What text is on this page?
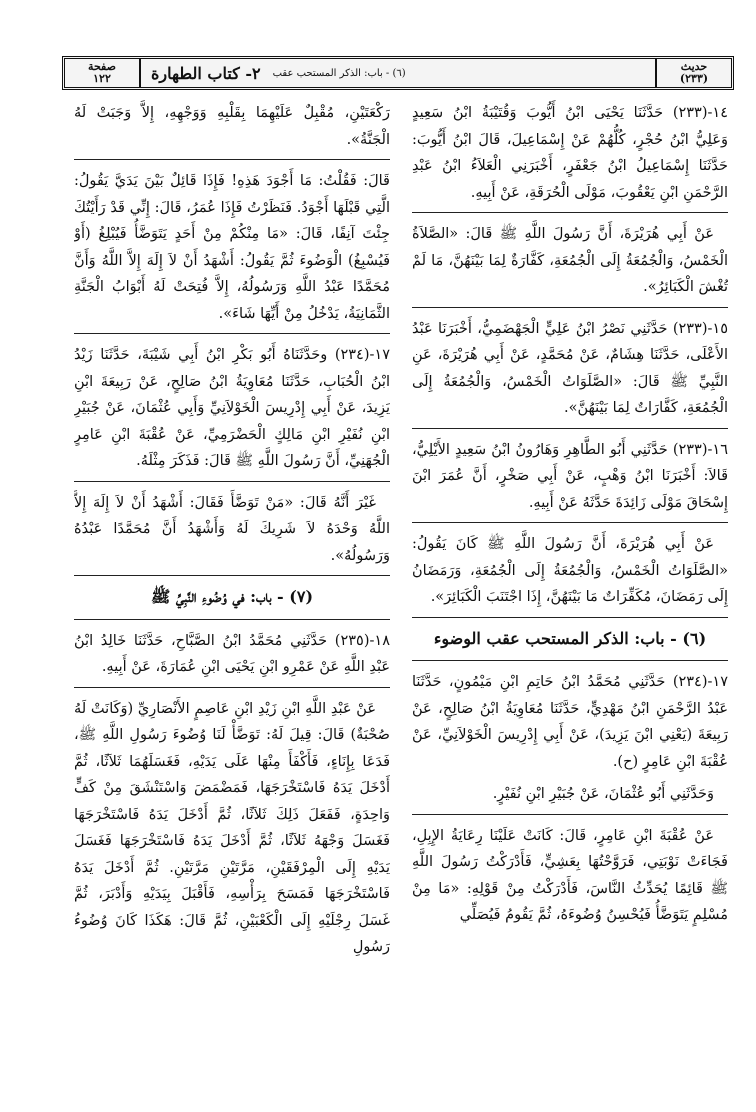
حديث
(٢٣٣)
٢- كتاب الطهارة (٦) - باب: الذكر المستحب عقب
صفحة
١٢٢

١٤-(٢٣٣) حَدَّثَنَا يَحْيَى ابْنُ أَيُّوبَ وَقُتَيْبَةُ ابْنُ سَعِيدٍ وَعَلِيُّ ابْنُ حُجْرٍ، كُلُّهُمْ عَنْ إِسْمَاعِيلَ، قَالَ ابْنُ أَيُّوبَ: حَدَّثَنَا إِسْمَاعِيلُ ابْنُ جَعْفَرٍ، أَخْبَرَنِي الْعَلاَءُ ابْنُ عَبْدِ الرَّحْمَنِ ابْنِ يَعْقُوبَ، مَوْلَى الْحُرَقَةِ، عَنْ أَبِيهِ.

عَنْ أَبِي هُرَيْرَةَ، أَنَّ رَسُولَ اللَّهِ ﷺ قَالَ: «الصَّلاَةُ الْخَمْسُ، وَالْجُمُعَةُ إِلَى الْجُمُعَةِ، كَفَّارَةٌ لِمَا بَيْنَهُنَّ، مَا لَمْ تُغْشَ الْكَبَائِرُ».

١٥-(٢٣٣) حَدَّثَنِي نَصْرُ ابْنُ عَلِيٍّ الْجَهْضَمِيُّ، أَخْبَرَنَا عَبْدُ الأَعْلَى، حَدَّثَنَا هِشَامٌ، عَنْ مُحَمَّدٍ، عَنْ أَبِي هُرَيْرَةَ، عَنِ النَّبِيِّ ﷺ قَالَ: «الصَّلَوَاتُ الْخَمْسُ، وَالْجُمُعَةُ إِلَى الْجُمُعَةِ، كَفَّارَاتٌ لِمَا بَيْنَهُنَّ».

١٦-(٢٣٣) حَدَّثَنِي أَبُو الطَّاهِرِ وَهَارُونُ ابْنُ سَعِيدٍ الأَيْلِيُّ، قَالاَ: أَخْبَرَنَا ابْنُ وَهْبٍ، عَنْ أَبِي صَخْرٍ، أَنَّ عُمَرَ ابْنَ إِسْحَاقَ مَوْلَى زَائِدَةَ حَدَّثَهُ عَنْ أَبِيهِ.

عَنْ أَبِي هُرَيْرَةَ، أَنَّ رَسُولَ اللَّهِ ﷺ كَانَ يَقُولُ: «الصَّلَوَاتُ الْخَمْسُ، وَالْجُمُعَةُ إِلَى الْجُمُعَةِ، وَرَمَضَانُ إِلَى رَمَضَانَ، مُكَفِّرَاتٌ مَا بَيْنَهُنَّ، إِذَا اجْتَنَبَ الْكَبَائِرَ».

(٦) - باب: الذكر المستحب عقب الوضوء

١٧-(٢٣٤) حَدَّثَنِي مُحَمَّدُ ابْنُ حَاتِمِ ابْنِ مَيْمُونٍ، حَدَّثَنَا عَبْدُ الرَّحْمَنِ ابْنُ مَهْدِيٍّ، حَدَّثَنَا مُعَاوِيَةُ ابْنُ صَالِحٍ، عَنْ رَبِيعَةَ (يَعْنِي ابْنَ يَزِيدَ)، عَنْ أَبِي إِدْرِيسَ الْخَوْلاَنِيِّ، عَنْ عُقْبَةَ ابْنِ عَامِرٍ (ح).

وَحَدَّثَنِي أَبُو عُثْمَانَ، عَنْ جُبَيْرِ ابْنِ نُفَيْرٍ.

عَنْ عُقْبَةَ ابْنِ عَامِرٍ، قَالَ: كَانَتْ عَلَيْنَا رِعَايَةُ الإِبِلِ، فَجَاءَتْ نَوْبَتِي، فَرَوَّحْتُهَا بِعَشِيٍّ، فَأَدْرَكْتُ رَسُولَ اللَّهِ ﷺ قَائِمًا يُحَدِّثُ النَّاسَ، فَأَدْرَكْتُ مِنْ قَوْلِهِ: «مَا مِنْ مُسْلِمٍ يَتَوَضَّأُ فَيُحْسِنُ وُضُوءَهُ، ثُمَّ يَقُومُ فَيُصَلِّي

رَكْعَتَيْنِ، مُقْبِلٌ عَلَيْهِمَا بِقَلْبِهِ وَوَجْهِهِ، إِلاَّ وَجَبَتْ لَهُ الْجَنَّةُ».

قَالَ: فَقُلْتُ: مَا أَجْوَدَ هَذِهِ! فَإِذَا قَائِلٌ بَيْنَ يَدَيَّ يَقُولُ: الَّتِي قَبْلَهَا أَجْوَدُ. فَنَظَرْتُ فَإِذَا عُمَرُ، قَالَ: إِنِّي قَدْ رَأَيْتُكَ جِئْتَ آنِفًا، قَالَ: «مَا مِنْكُمْ مِنْ أَحَدٍ يَتَوَضَّأُ فَيُبْلِغُ (أَوْ فَيُسْبِغُ) الْوَضُوءَ ثُمَّ يَقُولُ: أَشْهَدُ أَنْ لاَ إِلَهَ إِلاَّ اللَّهُ وَأَنَّ مُحَمَّدًا عَبْدُ اللَّهِ وَرَسُولُهُ، إِلاَّ فُتِحَتْ لَهُ أَبْوَابُ الْجَنَّةِ الثَّمَانِيَةُ، يَدْخُلُ مِنْ أَيِّهَا شَاءَ».

١٧-(٢٣٤) وحَدَّثَنَاهُ أَبُو بَكْرِ ابْنُ أَبِي شَيْبَةَ، حَدَّثَنَا زَيْدُ ابْنُ الْحُبَابِ، حَدَّثَنَا مُعَاوِيَةُ ابْنُ صَالِحٍ، عَنْ رَبِيعَةَ ابْنِ يَزِيدَ، عَنْ أَبِي إِدْرِيسَ الْخَوْلاَنِيِّ وَأَبِي عُثْمَانَ، عَنْ جُبَيْرِ ابْنِ نُفَيْرِ ابْنِ مَالِكٍ الْحَضْرَمِيِّ، عَنْ عُقْبَةَ ابْنِ عَامِرٍ الْجُهَنِيِّ، أَنَّ رَسُولَ اللَّهِ ﷺ قَالَ: فَذَكَرَ مِثْلَهُ.

غَيْرَ أَنَّهُ قَالَ: «مَنْ تَوَضَّأَ فَقَالَ: أَشْهَدُ أَنْ لاَ إِلَهَ إِلاَّ اللَّهُ وَحْدَهُ لاَ شَرِيكَ لَهُ وَأَشْهَدُ أَنَّ مُحَمَّدًا عَبْدُهُ وَرَسُولُهُ».

(٧) - باب: في وُضُوءِ النَّبِيِّ ﷺ

١٨-(٢٣٥) حَدَّثَنِي مُحَمَّدُ ابْنُ الصَّبَّاحِ، حَدَّثَنَا خَالِدُ ابْنُ عَبْدِ اللَّهِ عَنْ عَمْرِو ابْنِ يَحْيَى ابْنِ عُمَارَةَ، عَنْ أَبِيهِ.

عَنْ عَبْدِ اللَّهِ ابْنِ زَيْدِ ابْنِ عَاصِمٍ الأَنْصَارِيِّ (وَكَانَتْ لَهُ صُحْبَةٌ) قَالَ: قِيلَ لَهُ: تَوَضَّأْ لَنَا وُضُوءَ رَسُولِ اللَّهِ ﷺ، فَدَعَا بِإِنَاءٍ، فَأَكْفَأَ مِنْهَا عَلَى يَدَيْهِ، فَغَسَلَهُمَا ثَلاَثًا، ثُمَّ أَدْخَلَ يَدَهُ فَاسْتَخْرَجَهَا، فَمَضْمَضَ وَاسْتَنْشَقَ مِنْ كَفٍّ وَاحِدَةٍ، فَفَعَلَ ذَلِكَ ثَلاَثًا، ثُمَّ أَدْخَلَ يَدَهُ فَاسْتَخْرَجَهَا فَغَسَلَ وَجْهَهُ ثَلاَثًا، ثُمَّ أَدْخَلَ يَدَهُ فَاسْتَخْرَجَهَا فَغَسَلَ يَدَيْهِ إِلَى الْمِرْفَقَيْنِ، مَرَّتَيْنِ مَرَّتَيْنِ. ثُمَّ أَدْخَلَ يَدَهُ فَاسْتَخْرَجَهَا فَمَسَحَ بِرَأْسِهِ، فَأَقْبَلَ بِيَدَيْهِ وَأَدْبَرَ، ثُمَّ غَسَلَ رِجْلَيْهِ إِلَى الْكَعْبَيْنِ، ثُمَّ قَالَ: هَكَذَا كَانَ وُضُوءُ رَسُولِ
